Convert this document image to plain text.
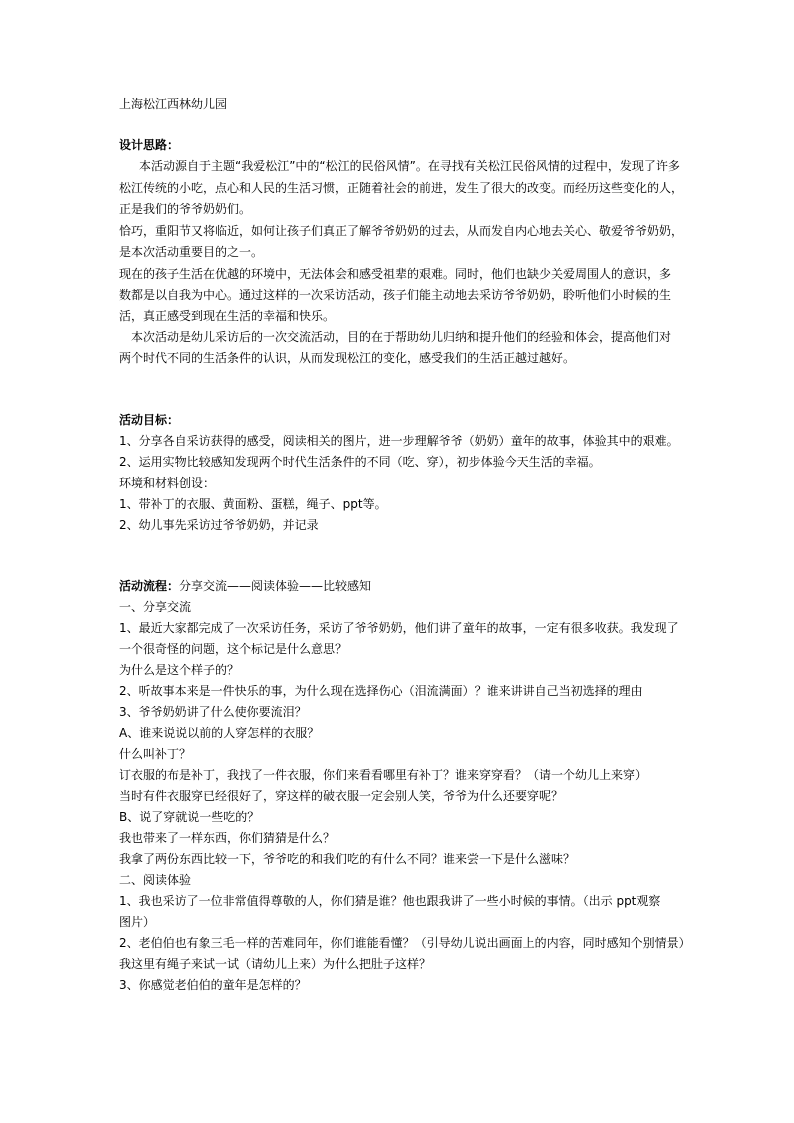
上海松江西林幼儿园

设计思路：

本活动源自于主题“我爱松江”中的“松江的民俗风情”。在寻找有关松江民俗风情的过程中，发现了许多

松江传统的小吃，点心和人民的生活习惯，正随着社会的前进，发生了很大的改变。而经历这些变化的人，

正是我们的爷爷奶奶们。

恰巧，重阳节又将临近，如何让孩子们真正了解爷爷奶奶的过去，从而发自内心地去关心、敬爱爷爷奶奶，

是本次活动重要目的之一。

现在的孩子生活在优越的环境中，无法体会和感受祖辈的艰难。同时，他们也缺少关爱周围人的意识，多

数都是以自我为中心。通过这样的一次采访活动，孩子们能主动地去采访爷爷奶奶，聆听他们小时候的生

活，真正感受到现在生活的幸福和快乐。

本次活动是幼儿采访后的一次交流活动，目的在于帮助幼儿归纳和提升他们的经验和体会，提高他们对

两个时代不同的生活条件的认识，从而发现松江的变化，感受我们的生活正越过越好。

活动目标：

1、分享各自采访获得的感受，阅读相关的图片，进一步理解爷爷（奶奶）童年的故事，体验其中的艰难。

2、运用实物比较感知发现两个时代生活条件的不同（吃、穿），初步体验今天生活的幸福。

环境和材料创设：

1、带补丁的衣服、黄面粉、蛋糕，绳子、ppt等。

2、幼儿事先采访过爷爷奶奶，并记录

活动流程：分享交流——阅读体验——比较感知

一、分享交流

1、最近大家都完成了一次采访任务，采访了爷爷奶奶，他们讲了童年的故事，一定有很多收获。我发现了

一个很奇怪的问题，这个标记是什么意思？

为什么是这个样子的？

2、听故事本来是一件快乐的事，为什么现在选择伤心（泪流满面）？谁来讲讲自己当初选择的理由

3、爷爷奶奶讲了什么使你要流泪？

A、谁来说说以前的人穿怎样的衣服？

什么叫补丁？

订衣服的布是补丁，我找了一件衣服，你们来看看哪里有补丁？谁来穿穿看？（请一个幼儿上来穿）

当时有件衣服穿已经很好了，穿这样的破衣服一定会别人笑，爷爷为什么还要穿呢？

B、说了穿就说一些吃的？

我也带来了一样东西，你们猜猜是什么？

我拿了两份东西比较一下，爷爷吃的和我们吃的有什么不同？谁来尝一下是什么滋味？

二、阅读体验

1、我也采访了一位非常值得尊敬的人，你们猜是谁？他也跟我讲了一些小时候的事情。（出示 ppt观察

图片）

2、老伯伯也有象三毛一样的苦难同年，你们谁能看懂？（引导幼儿说出画面上的内容，同时感知个别情景）

我这里有绳子来试一试（请幼儿上来）为什么把肚子这样？

3、你感觉老伯伯的童年是怎样的？
